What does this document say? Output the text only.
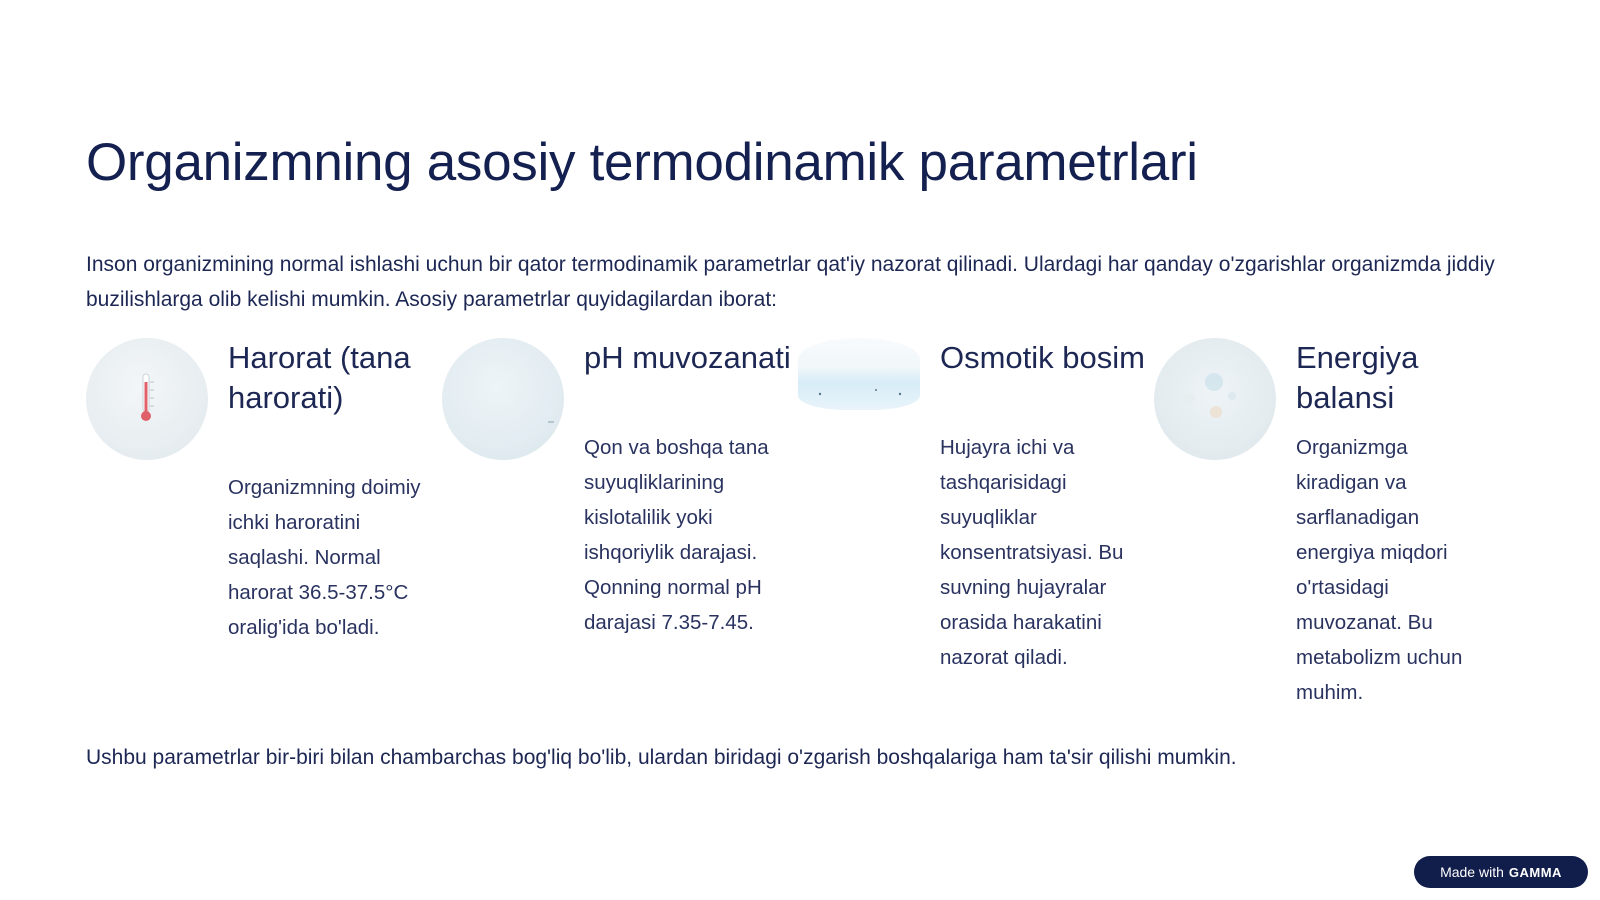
Organizmning asosiy termodinamik parametrlari

Inson organizmining normal ishlashi uchun bir qator termodinamik parametrlar qat'iy nazorat qilinadi. Ulardagi har qanday o'zgarishlar organizmda jiddiy buzilishlarga olib kelishi mumkin. Asosiy parametrlar quyidagilardan iborat:

Harorat (tana harorati)

Organizmning doimiy ichki haroratini saqlashi. Normal harorat 36.5-37.5°C oralig'ida bo'ladi.

pH muvozanati

Qon va boshqa tana suyuqliklarining kislotalilik yoki ishqoriylik darajasi. Qonning normal pH darajasi 7.35-7.45.

Osmotik bosim

Hujayra ichi va tashqarisidagi suyuqliklar konsentratsiyasi. Bu suvning hujayralar orasida harakatini nazorat qiladi.

Energiya balansi

Organizmga kiradigan va sarflanadigan energiya miqdori o'rtasidagi muvozanat. Bu metabolizm uchun muhim.

Ushbu parametrlar bir-biri bilan chambarchas bog'liq bo'lib, ulardan biridagi o'zgarish boshqalariga ham ta'sir qilishi mumkin.

Made with GAMMA
